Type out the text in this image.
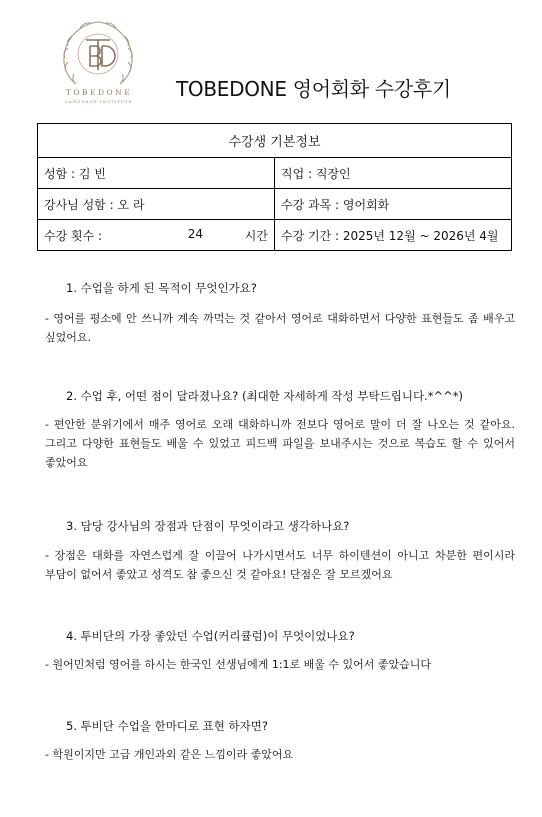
TOBEDONE
LANGUAGE INSTITUTE
TOBEDONE 영어회화 수강후기
수강생 기본정보	
성함 : 김 빈	직업 : 직장인
강사님 성함 : 오 라	수강 과목 : 영어회화

수강 횟수 : 24 시간	수강 기간 : 2025년 12월 ~ 2026년 4월
1. 수업을 하게 된 목적이 무엇인가요?
- 영어를 평소에 안 쓰니까 계속 까먹는 것 같아서 영어로 대화하면서 다양한 표현들도 좀 배우고 싶었어요.
2. 수업 후, 어떤 점이 달라졌나요? (최대한 자세하게 작성 부탁드립니다.*^^*)
- 편안한 분위기에서 매주 영어로 오래 대화하니까 전보다 영어로 말이 더 잘 나오는 것 같아요. 그리고 다양한 표현들도 배울 수 있었고 피드백 파일을 보내주시는 것으로 복습도 할 수 있어서 좋았어요
3. 담당 강사님의 장점과 단점이 무엇이라고 생각하나요?
- 장점은 대화를 자연스럽게 잘 이끌어 나가시면서도 너무 하이텐션이 아니고 차분한 편이시라 부담이 없어서 좋았고 성격도 참 좋으신 것 같아요! 단점은 잘 모르겠어요
4. 투비단의 가장 좋았던 수업(커리큘럼)이 무엇이었나요?
- 원어민처럼 영어를 하시는 한국인 선생님에게 1:1로 배울 수 있어서 좋았습니다
5. 투비단 수업을 한마디로 표현 하자면?
- 학원이지만 고급 개인과외 같은 느낌이라 좋았어요
